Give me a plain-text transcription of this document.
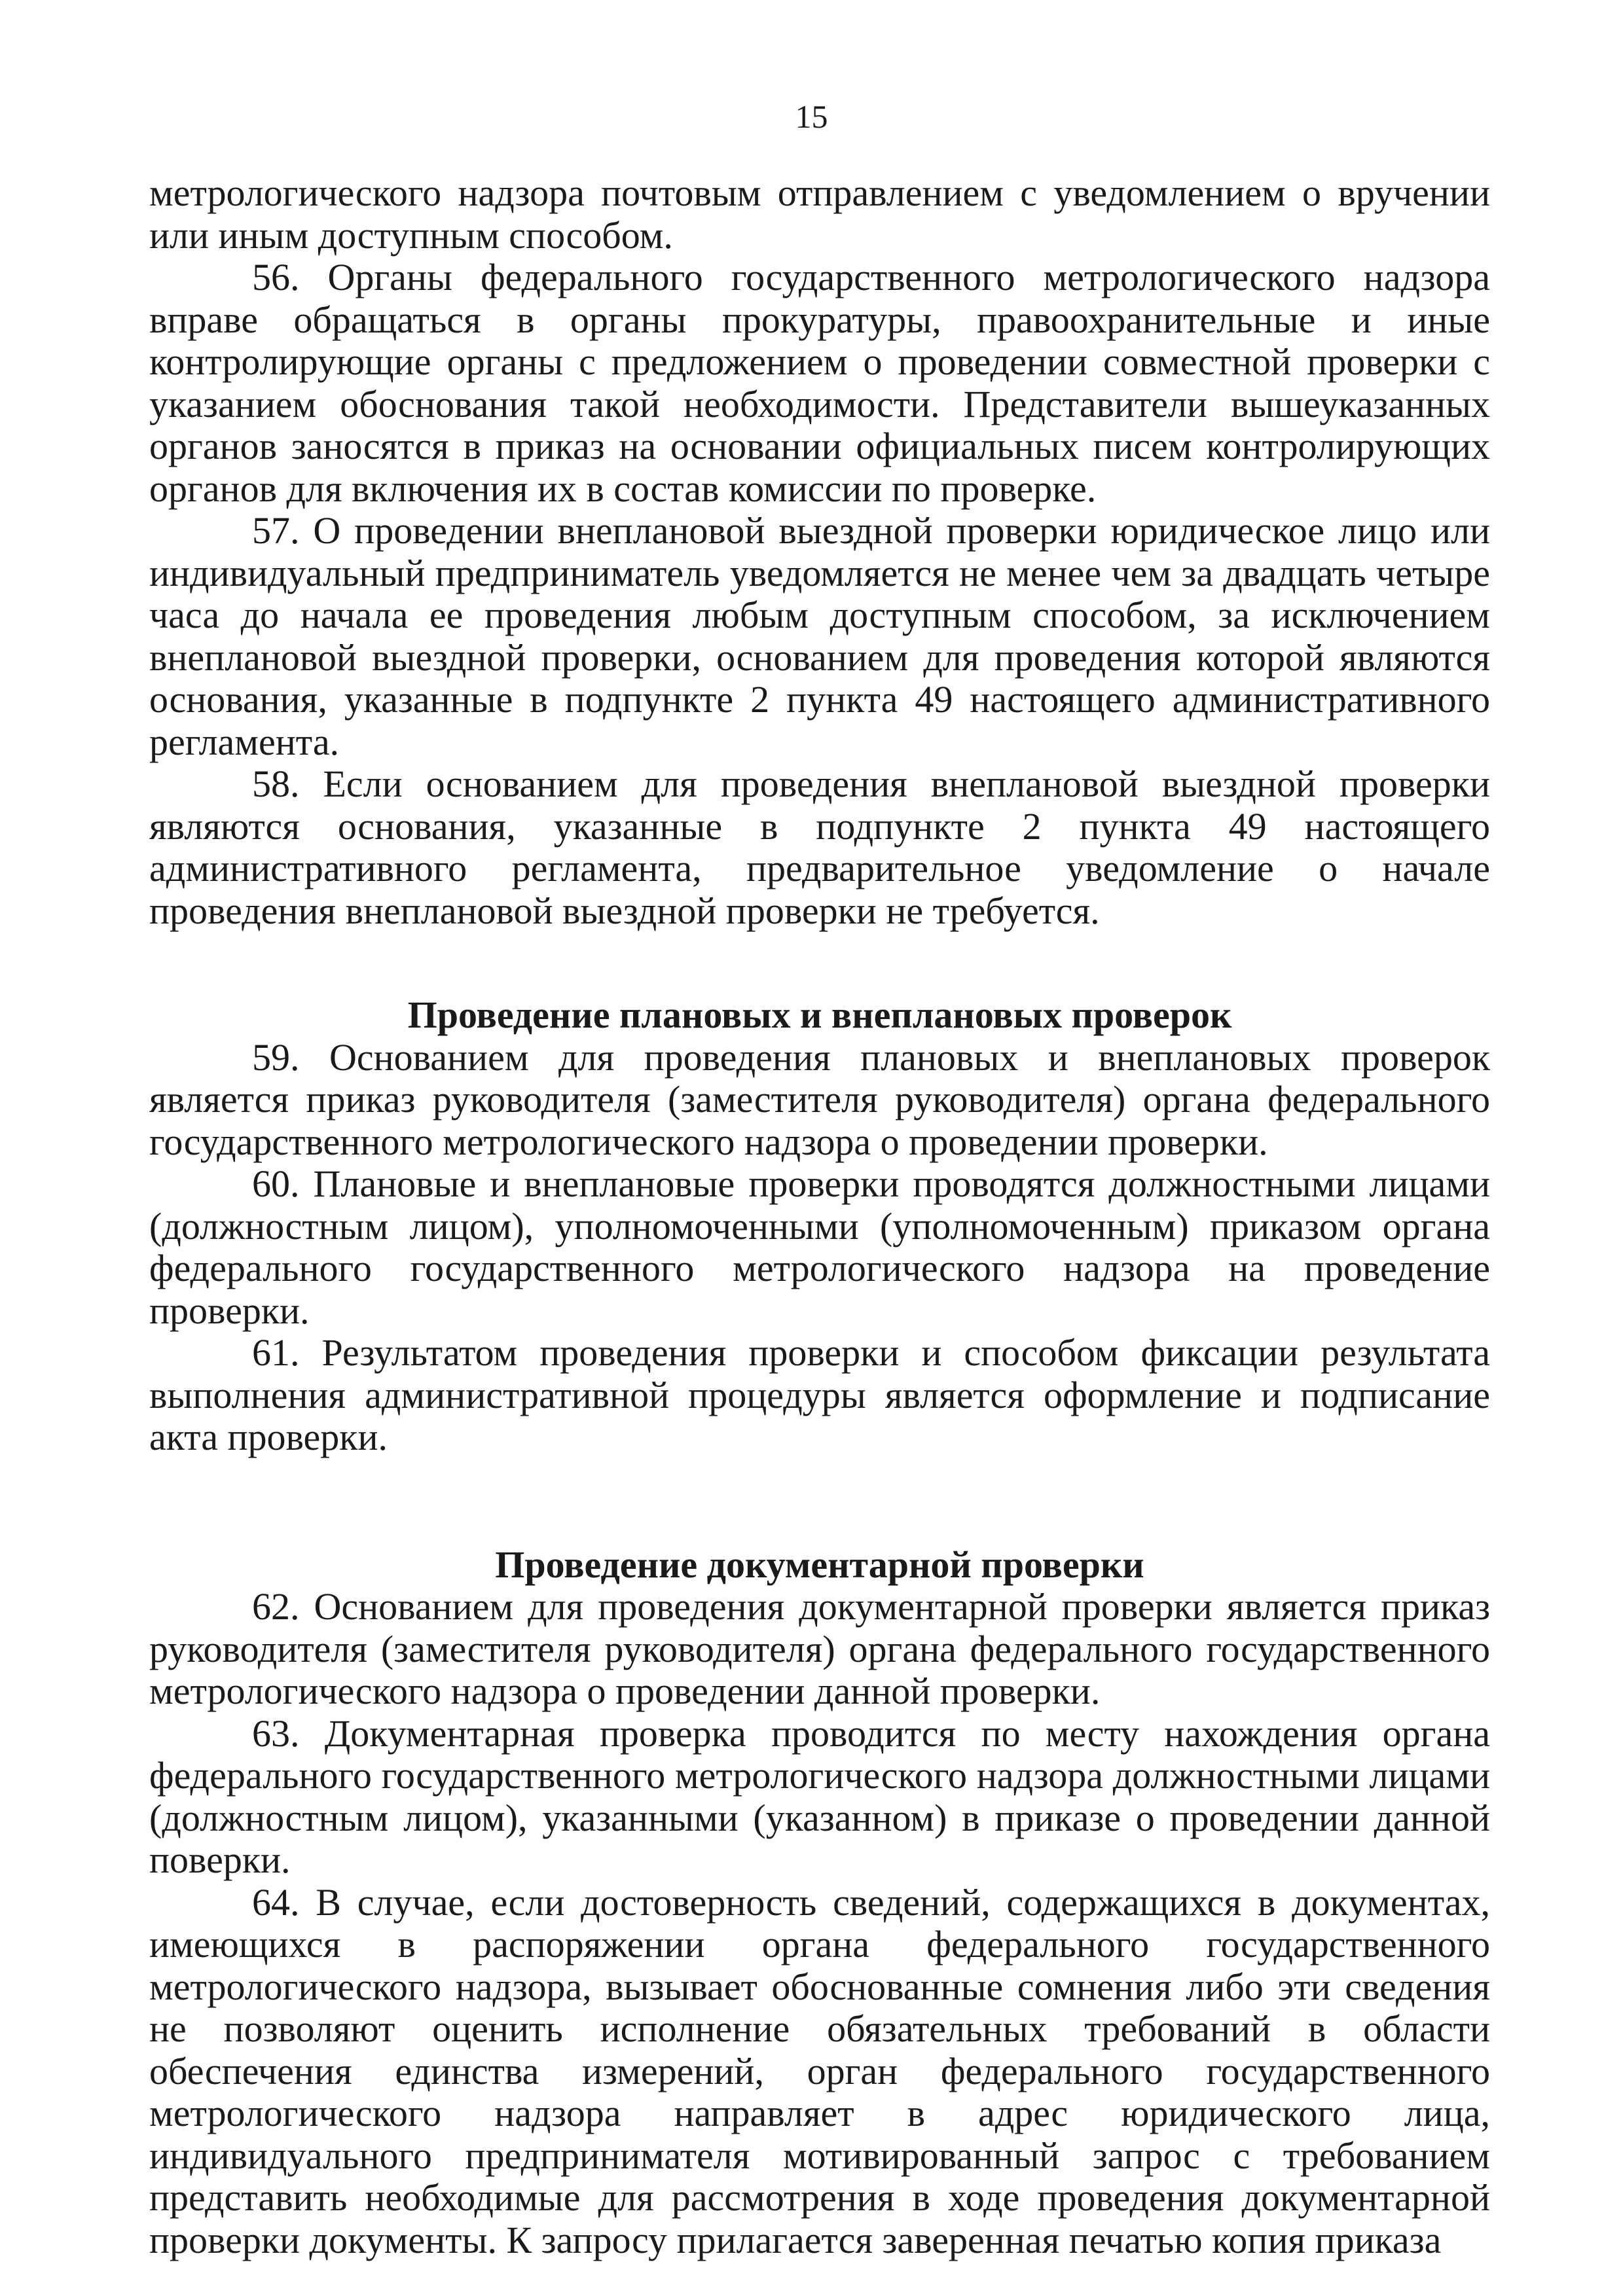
15

метрологического надзора почтовым отправлением с уведомлением о вручении или иным доступным способом.

56. Органы федерального государственного метрологического надзора вправе обращаться в органы прокуратуры, правоохранительные и иные контролирующие органы с предложением о проведении совместной проверки с указанием обоснования такой необходимости. Представители вышеуказанных органов заносятся в приказ на основании официальных писем контролирующих органов для включения их в состав комиссии по проверке.

57. О проведении внеплановой выездной проверки юридическое лицо или индивидуальный предприниматель уведомляется не менее чем за двадцать четыре часа до начала ее проведения любым доступным способом, за исключением внеплановой выездной проверки, основанием для проведения которой являются основания, указанные в подпункте 2 пункта 49 настоящего административного регламента.

58. Если основанием для проведения внеплановой выездной проверки являются основания, указанные в подпункте 2 пункта 49 настоящего административного регламента, предварительное уведомление о начале проведения внеплановой выездной проверки не требуется.

Проведение плановых и внеплановых проверок

59. Основанием для проведения плановых и внеплановых проверок является приказ руководителя (заместителя руководителя) органа федерального государственного метрологического надзора о проведении проверки.

60. Плановые и внеплановые проверки проводятся должностными лицами (должностным лицом), уполномоченными (уполномоченным) приказом органа федерального государственного метрологического надзора на проведение проверки.

61. Результатом проведения проверки и способом фиксации результата выполнения административной процедуры является оформление и подписание акта проверки.

Проведение документарной проверки

62. Основанием для проведения документарной проверки является приказ руководителя (заместителя руководителя) органа федерального государственного метрологического надзора о проведении данной проверки.

63. Документарная проверка проводится по месту нахождения органа федерального государственного метрологического надзора должностными лицами (должностным лицом), указанными (указанном) в приказе о проведении данной поверки.

64. В случае, если достоверность сведений, содержащихся в документах, имеющихся в распоряжении органа федерального государственного метрологического надзора, вызывает обоснованные сомнения либо эти сведения не позволяют оценить исполнение обязательных требований в области обеспечения единства измерений, орган федерального государственного метрологического надзора направляет в адрес юридического лица, индивидуального предпринимателя мотивированный запрос с требованием представить необходимые для рассмотрения в ходе проведения документарной проверки документы. К запросу прилагается заверенная печатью копия приказа
